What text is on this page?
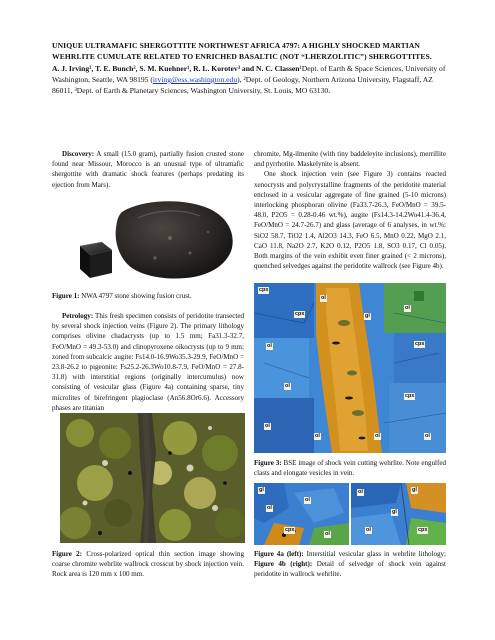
UNIQUE ULTRAMAFIC SHERGOTTITE NORTHWEST AFRICA 4797: A HIGHLY SHOCKED MARTIAN WEHRLITE CUMULATE RELATED TO ENRICHED BASALTIC (NOT “LHERZOLITIC”) SHERGOTTITES.

A. J. Irving¹, T. E. Bunch², S. M. Kuehner¹, R. L. Korotev³ and N. C. Classen¹Dept. of Earth & Space Sciences, University of Washington, Seattle, WA 98195 (irving@ess.washington.edu), ²Dept. of Geology, Northern Arizona University, Flagstaff, AZ 86011, ³Dept. of Earth & Planetary Sciences, Washington University, St. Louis, MO 63130.

Discovery: A small (15.0 gram), partially fusion crusted stone found near Missour, Morocco is an unusual type of ultramafic shergottite with dramatic shock features (perhaps predating its ejection from Mars).

Figure 1: NWA 4797 stone showing fusion crust.

Petrology: This fresh specimen consists of peridotite transected by several shock injection veins (Figure 2). The primary lithology comprises olivine chadacrysts (up to 1.5 mm; Fa31.3-32.7, FeO/MnO = 49.3-53.0) and clinopyroxene oikocrysts (up to 9 mm; zoned from subcalcic augite: Fs14.0-16.9Wo35.3-29.9, FeO/MnO = 23.8-26.2 to pigeonite: Fs25.2-26.3Wo10.8-7.9, FeO/MnO = 27.8-31.8) with interstitial regions (originally intercumulus) now consisting of vesicular glass (Figure 4a) containing sparse, tiny microlites of birefringent plagioclase (An56.8Or6.6). Accessory phases are titanian

Figure 2: Cross-polarized optical thin section image showing coarse chromite wehrlite wallrock crosscut by shock injection vein. Rock area is 120 mm x 100 mm.

chromite, Mg-ilmenite (with tiny baddeleyite inclusions), merrillite and pyrrhotite. Maskelynite is absent.

One shock injection vein (see Figure 3) contains reacted xenocrysts and polycrystalline fragments of the peridotite material enclosed in a vesicular aggregate of fine grained (5-10 microns) interlocking phosphoran olivine (Fa33.7-26.3, FeO/MnO = 39.5-48.0, P2O5 = 0.28-0.46 wt.%), augite (Fs14.3-14.2Wo41.4-36.4, FeO/MnO = 24.7-26.7) and glass (average of 6 analyses, in wt.%: SiO2 58.7, TiO2 1.4, Al2O3 14.3, FeO 6.5, MnO 0.22, MgO 2.1, CaO 11.8, Na2O 2.7, K2O 0.12, P2O5 1.8, SO3 0.17, Cl 0.05). Both margins of the vein exhibit even finer grained (< 2 microns), quenched selvedges against the peridotite wallrock (see Figure 4b).

cpx
ol
cpx	gl
ol
ol	cpx
ol
cpx
ol
ol	ol	ol

Figure 3: BSE image of shock vein cutting wehrlite. Note engulfed clasts and elongate vesicles in vein.

gl
ol
cpx
ol
ol
gl
ol
cpx
ol
gl

Figure 4a (left): Interstitial vesicular glass in wehrlite lithology; Figure 4b (right): Detail of selvedge of shock vein against peridotite in wallrock wehrlite.
